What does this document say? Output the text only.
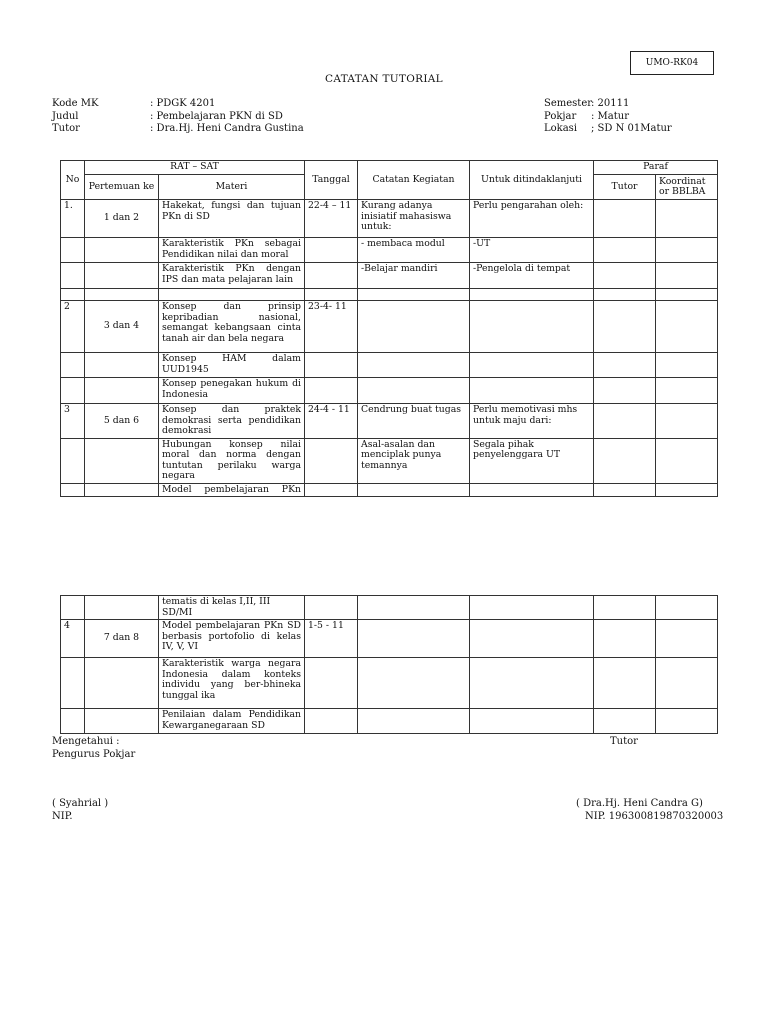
UMO-RK04
CATATAN TUTORIAL
Kode MK	: PDGK 4201
Judul	: Pembelajaran PKN di SD
Tutor	: Dra.Hj. Heni Candra Gustina
Semester
: 20111
Pokjar	: Matur
Lokasi	; SD N 01Matur
No	RAT – SAT		Tanggal	Catatan Kegiatan	Untuk ditindaklanjuti	Paraf	
	Pertemuan ke	Materi				Tutor	Koordinat or BBLBA
1.	1 dan 2	Hakekat, fungsi dan tujuan PKn di SD	22-4 – 11	Kurang adanya inisiatif mahasiswa untuk:	Perlu pengarahan oleh:		
		Karakteristik PKn sebagai Pendidikan nilai dan moral		- membaca modul	-UT		
		Karakteristik PKn dengan IPS dan mata pelajaran lain		-Belajar mandiri	-Pengelola di tempat		

2	3 dan 4	Konsep dan prinsip kepribadian nasional, semangat kebangsaan cinta tanah air dan bela negara	23-4- 11				
		Konsep HAM dalam UUD1945					
		Konsep penegakan hukum di Indonesia					
3	5 dan 6	Konsep dan praktek demokrasi serta pendidikan demokrasi	24-4 - 11	Cendrung buat tugas	Perlu memotivasi mhs untuk maju dari:		
		Hubungan konsep nilai moral dan norma dengan tuntutan perilaku warga negara		Asal-asalan dan menciplak punya temannya	Segala pihak penyelenggara UT		
		Model pembelajaran PKn					
		tematis di kelas I,II, III SD/MI					
4	7 dan 8	Model pembelajaran PKn SD berbasis portofolio di kelas IV, V, VI	1-5 - 11				
		Karakteristik warga negara Indonesia dalam konteks individu yang ber-bhineka tunggal ika					
		Penilaian dalam Pendidikan Kewarganegaraan SD					
Mengetahui :
Pengurus Pokjar
Tutor
( Syahrial )
NIP.
( Dra.Hj. Heni Candra G)
NIP. 196300819870320003
